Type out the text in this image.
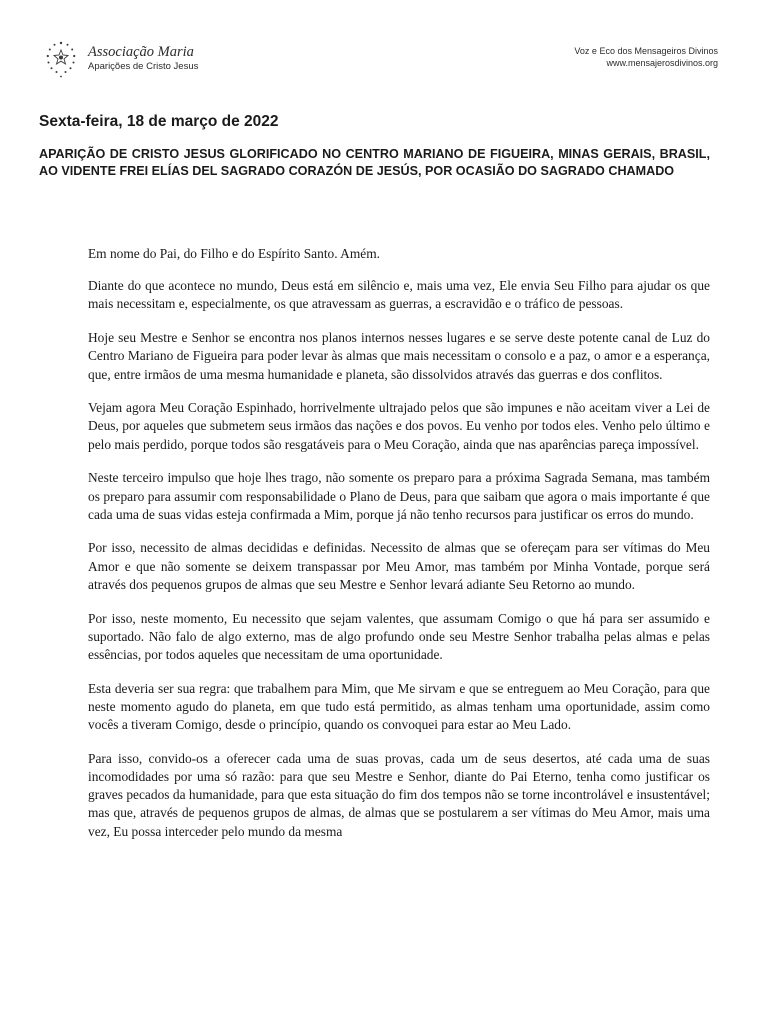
Associação Maria
Aparições de Cristo Jesus
Voz e Eco dos Mensageiros Divinos
www.mensajerosdivinos.org
Sexta-feira, 18 de março de 2022
APARIÇÃO DE CRISTO JESUS GLORIFICADO NO CENTRO MARIANO DE FIGUEIRA, MINAS GERAIS, BRASIL, AO VIDENTE FREI ELÍAS DEL SAGRADO CORAZÓN DE JESÚS, POR OCASIÃO DO SAGRADO CHAMADO

Em nome do Pai, do Filho e do Espírito Santo. Amém.

Diante do que acontece no mundo, Deus está em silêncio e, mais uma vez, Ele envia Seu Filho para ajudar os que mais necessitam e, especialmente, os que atravessam as guerras, a escravidão e o tráfico de pessoas.

Hoje seu Mestre e Senhor se encontra nos planos internos nesses lugares e se serve deste potente canal de Luz do Centro Mariano de Figueira para poder levar às almas que mais necessitam o consolo e a paz, o amor e a esperança, que, entre irmãos de uma mesma humanidade e planeta, são dissolvidos através das guerras e dos conflitos.

Vejam agora Meu Coração Espinhado, horrivelmente ultrajado pelos que são impunes e não aceitam viver a Lei de Deus, por aqueles que submetem seus irmãos das nações e dos povos. Eu venho por todos eles. Venho pelo último e pelo mais perdido, porque todos são resgatáveis para o Meu Coração, ainda que nas aparências pareça impossível.

Neste terceiro impulso que hoje lhes trago, não somente os preparo para a próxima Sagrada Semana, mas também os preparo para assumir com responsabilidade o Plano de Deus, para que saibam que agora o mais importante é que cada uma de suas vidas esteja confirmada a Mim, porque já não tenho recursos para justificar os erros do mundo.

Por isso, necessito de almas decididas e definidas. Necessito de almas que se ofereçam para ser vítimas do Meu Amor e que não somente se deixem transpassar por Meu Amor, mas também por Minha Vontade, porque será através dos pequenos grupos de almas que seu Mestre e Senhor levará adiante Seu Retorno ao mundo.

Por isso, neste momento, Eu necessito que sejam valentes, que assumam Comigo o que há para ser assumido e suportado. Não falo de algo externo, mas de algo profundo onde seu Mestre Senhor trabalha pelas almas e pelas essências, por todos aqueles que necessitam de uma oportunidade.

Esta deveria ser sua regra: que trabalhem para Mim, que Me sirvam e que se entreguem ao Meu Coração, para que neste momento agudo do planeta, em que tudo está permitido, as almas tenham uma oportunidade, assim como vocês a tiveram Comigo, desde o princípio, quando os convoquei para estar ao Meu Lado.

Para isso, convido-os a oferecer cada uma de suas provas, cada um de seus desertos, até cada uma de suas incomodidades por uma só razão: para que seu Mestre e Senhor, diante do Pai Eterno, tenha como justificar os graves pecados da humanidade, para que esta situação do fim dos tempos não se torne incontrolável e insustentável; mas que, através de pequenos grupos de almas, de almas que se postularem a ser vítimas do Meu Amor, mais uma vez, Eu possa interceder pelo mundo da mesma
